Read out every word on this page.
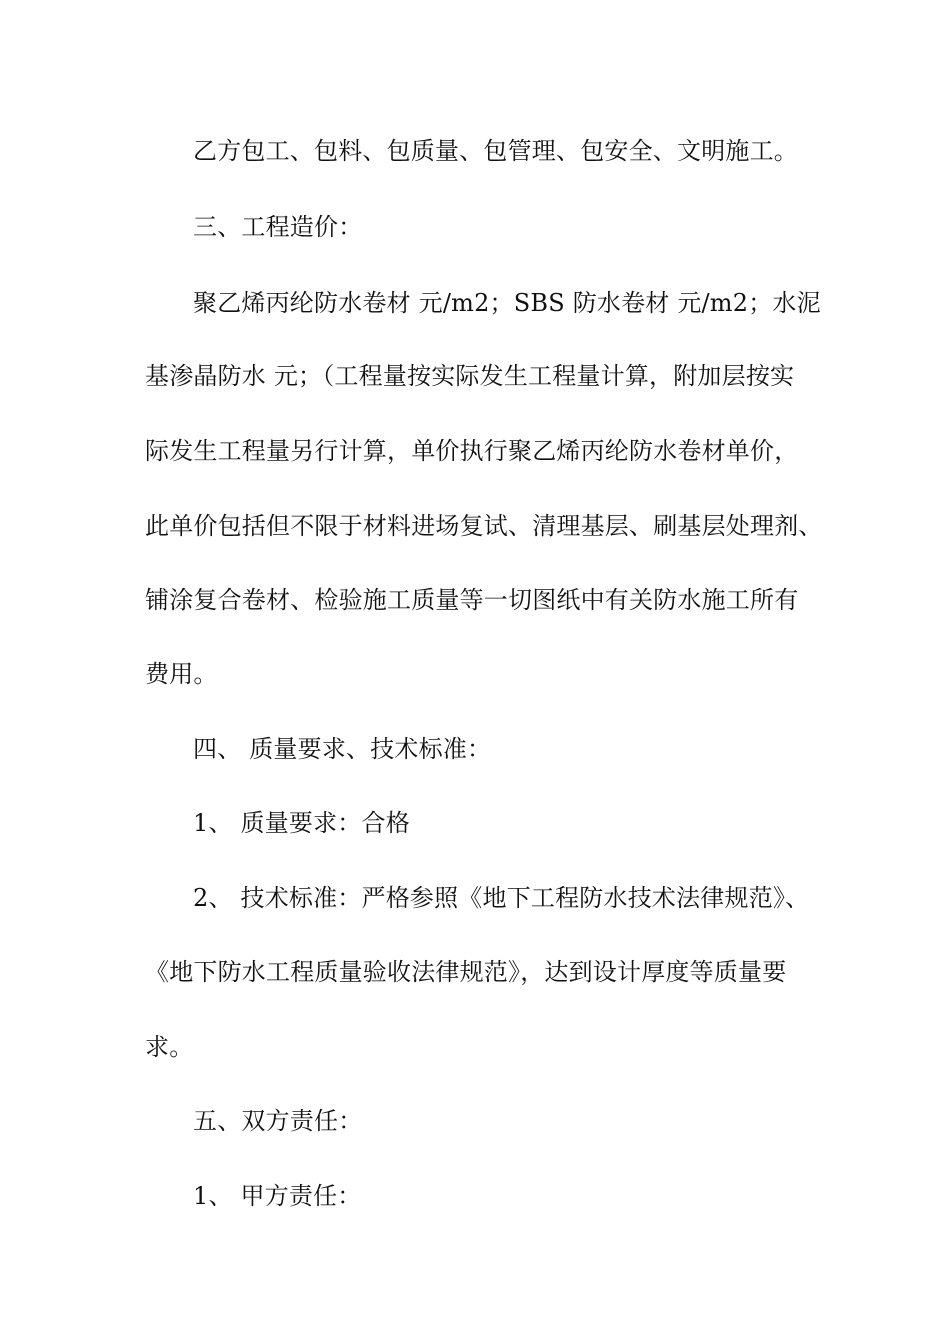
乙方包工、包料、包质量、包管理、包安全、文明施工。
三、工程造价：
聚乙烯丙纶防水卷材 元/m2；SBS 防水卷材 元/m2；水泥
基渗晶防水 元；（工程量按实际发生工程量计算，附加层按实
际发生工程量另行计算，单价执行聚乙烯丙纶防水卷材单价，
此单价包括但不限于材料进场复试、清理基层、刷基层处理剂、
铺涂复合卷材、检验施工质量等一切图纸中有关防水施工所有
费用。
四、 质量要求、技术标准：
1、 质量要求：合格
2、 技术标准：严格参照《地下工程防水技术法律规范》、
《地下防水工程质量验收法律规范》，达到设计厚度等质量要
求。
五、双方责任：
1、 甲方责任：
